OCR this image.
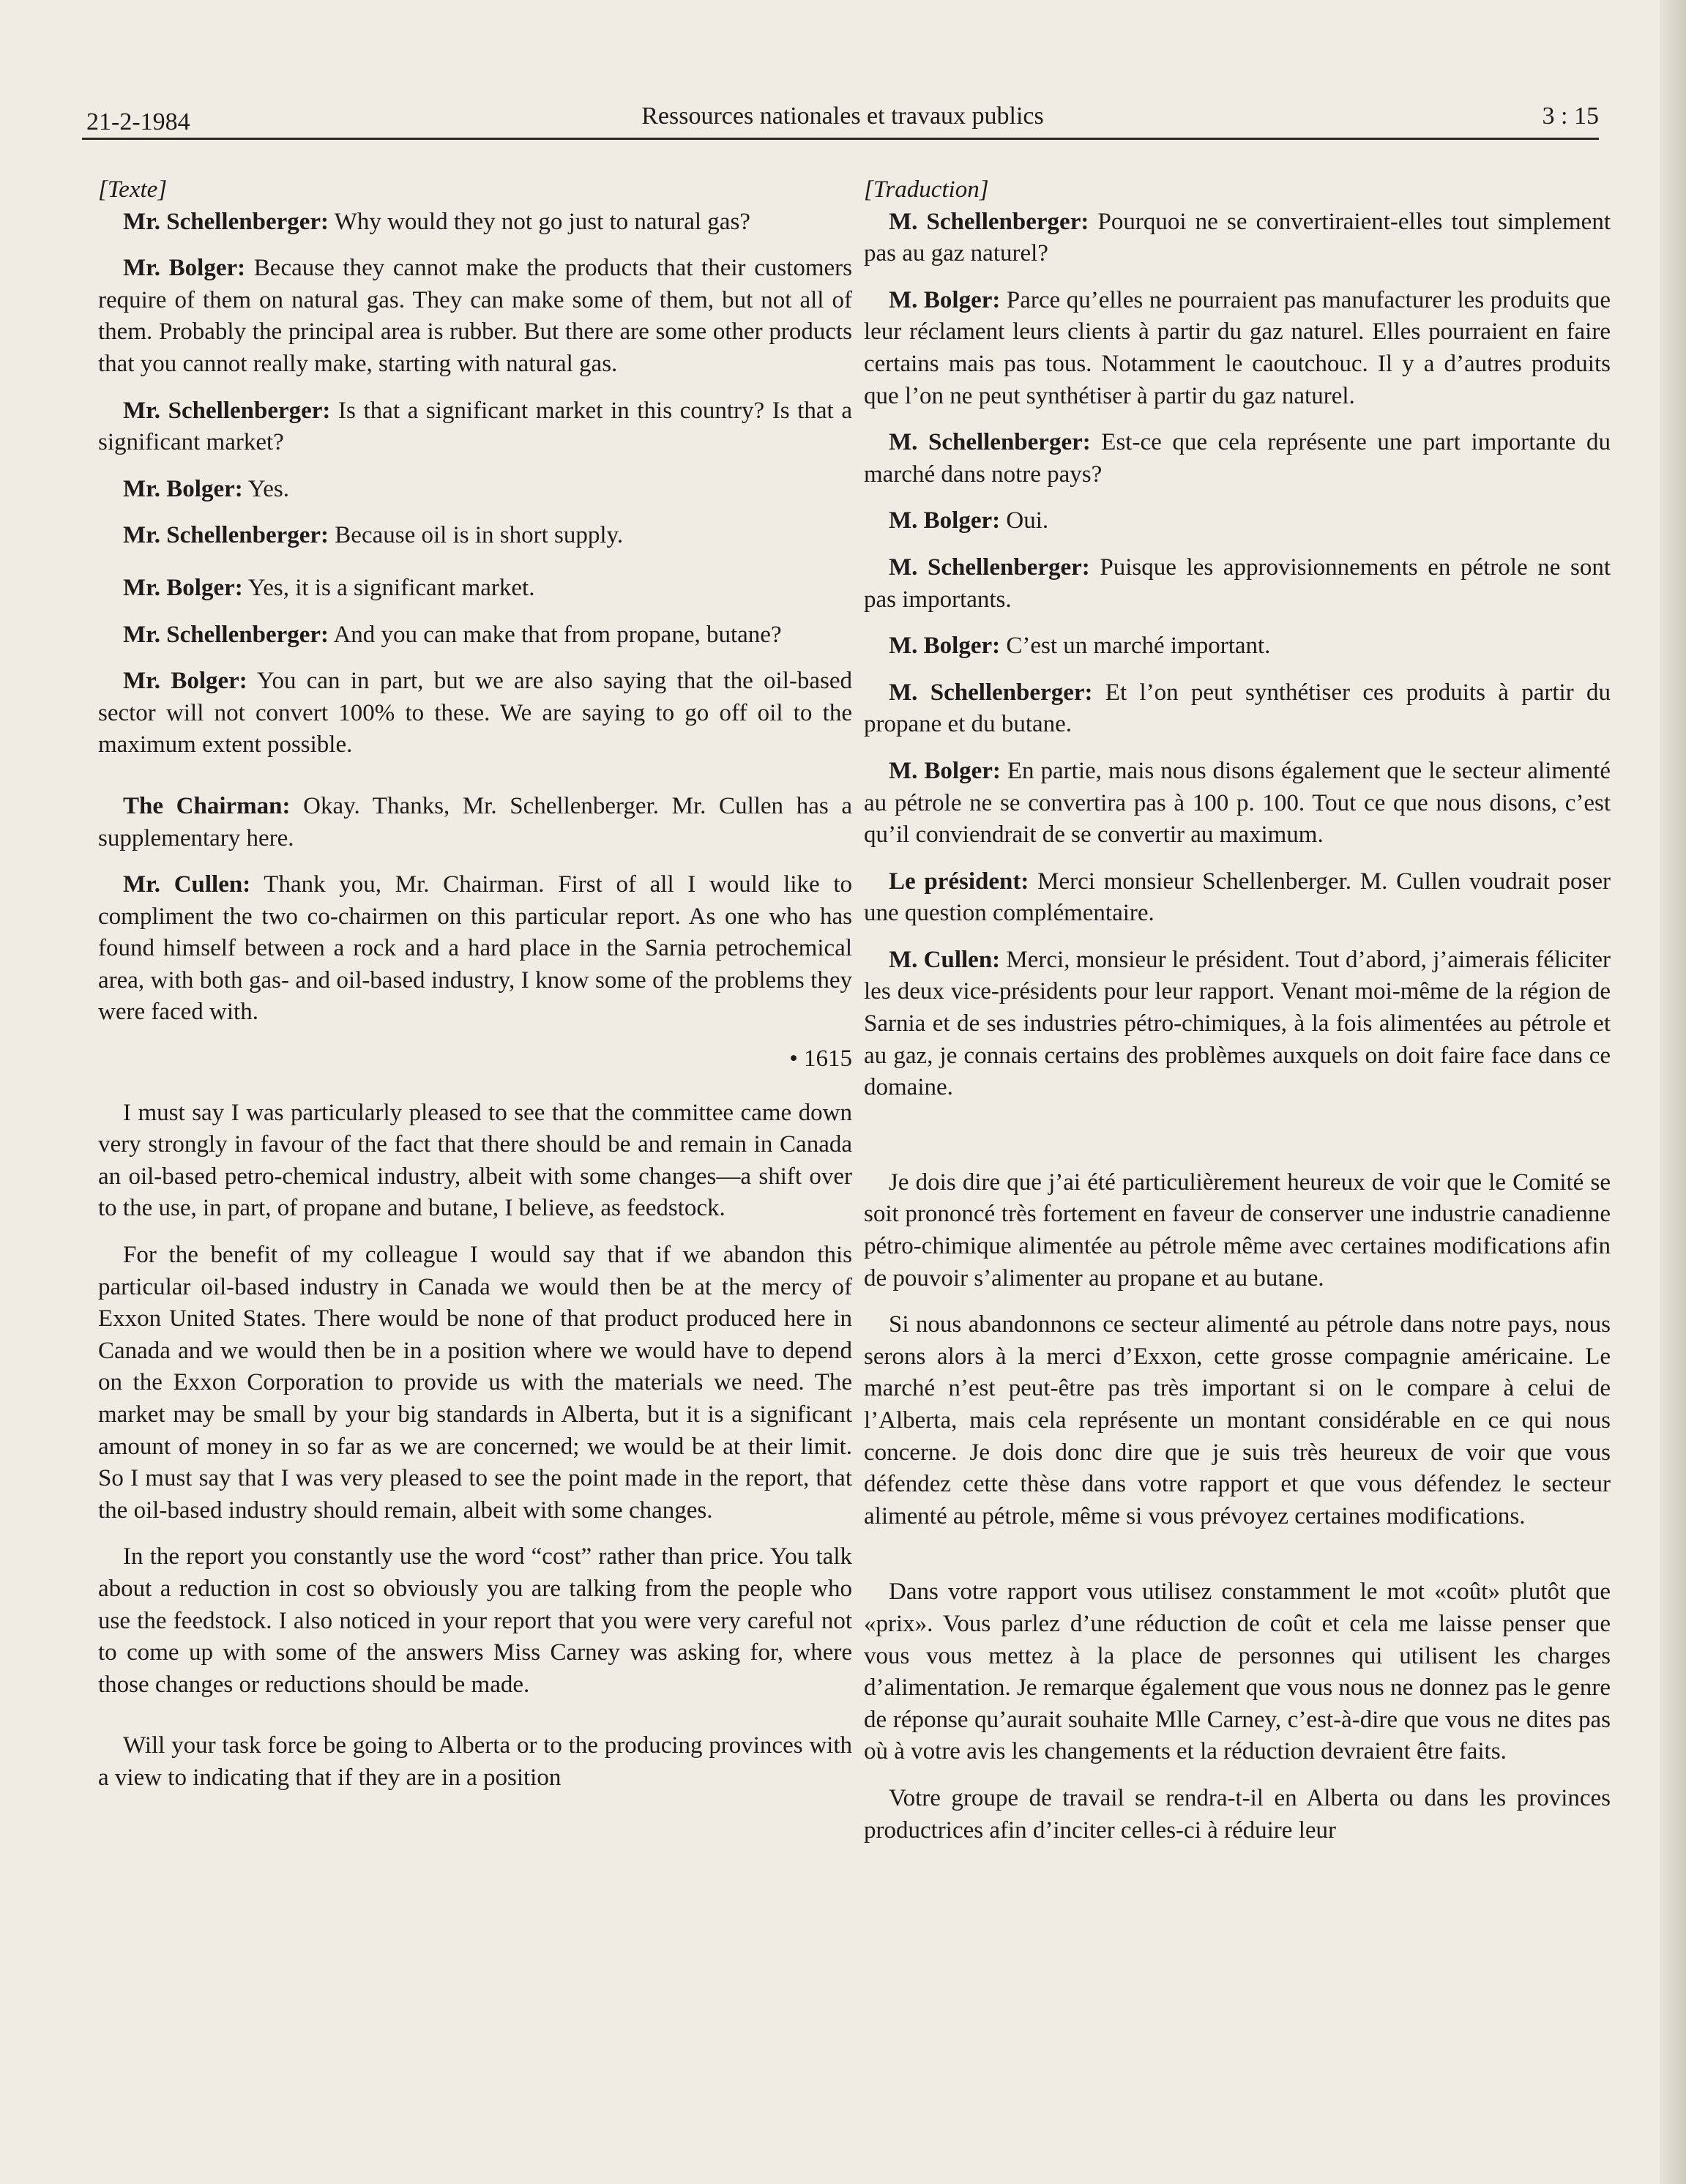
Ressources nationales et travaux publics
21-2-1984	3 : 15

[Texte]

Mr. Schellenberger: Why would they not go just to natural gas?

Mr. Bolger: Because they cannot make the products that their customers require of them on natural gas. They can make some of them, but not all of them. Probably the principal area is rubber. But there are some other products that you cannot really make, starting with natural gas.

Mr. Schellenberger: Is that a significant market in this country? Is that a significant market?

Mr. Bolger: Yes.

Mr. Schellenberger: Because oil is in short supply.

Mr. Bolger: Yes, it is a significant market.

Mr. Schellenberger: And you can make that from propane, butane?

Mr. Bolger: You can in part, but we are also saying that the oil-based sector will not convert 100% to these. We are saying to go off oil to the maximum extent possible.

The Chairman: Okay. Thanks, Mr. Schellenberger. Mr. Cullen has a supplementary here.

Mr. Cullen: Thank you, Mr. Chairman. First of all I would like to compliment the two co-chairmen on this particular report. As one who has found himself between a rock and a hard place in the Sarnia petrochemical area, with both gas- and oil-based industry, I know some of the problems they were faced with.

• 1615

I must say I was particularly pleased to see that the committee came down very strongly in favour of the fact that there should be and remain in Canada an oil-based petro-chemical industry, albeit with some changes—a shift over to the use, in part, of propane and butane, I believe, as feedstock.

For the benefit of my colleague I would say that if we abandon this particular oil-based industry in Canada we would then be at the mercy of Exxon United States. There would be none of that product produced here in Canada and we would then be in a position where we would have to depend on the Exxon Corporation to provide us with the materials we need. The market may be small by your big standards in Alberta, but it is a significant amount of money in so far as we are concerned; we would be at their limit. So I must say that I was very pleased to see the point made in the report, that the oil-based industry should remain, albeit with some changes.

In the report you constantly use the word “cost” rather than price. You talk about a reduction in cost so obviously you are talking from the people who use the feedstock. I also noticed in your report that you were very careful not to come up with some of the answers Miss Carney was asking for, where those changes or reductions should be made.

Will your task force be going to Alberta or to the producing provinces with a view to indicating that if they are in a position

[Traduction]

M. Schellenberger: Pourquoi ne se convertiraient-elles tout simplement pas au gaz naturel?

M. Bolger: Parce qu’elles ne pourraient pas manufacturer les produits que leur réclament leurs clients à partir du gaz naturel. Elles pourraient en faire certains mais pas tous. Notamment le caoutchouc. Il y a d’autres produits que l’on ne peut synthétiser à partir du gaz naturel.

M. Schellenberger: Est-ce que cela représente une part importante du marché dans notre pays?

M. Bolger: Oui.

M. Schellenberger: Puisque les approvisionnements en pétrole ne sont pas importants.

M. Bolger: C’est un marché important.

M. Schellenberger: Et l’on peut synthétiser ces produits à partir du propane et du butane.

M. Bolger: En partie, mais nous disons également que le secteur alimenté au pétrole ne se convertira pas à 100 p. 100. Tout ce que nous disons, c’est qu’il conviendrait de se convertir au maximum.

Le président: Merci monsieur Schellenberger. M. Cullen voudrait poser une question complémentaire.

M. Cullen: Merci, monsieur le président. Tout d’abord, j’aimerais féliciter les deux vice-présidents pour leur rapport. Venant moi-même de la région de Sarnia et de ses industries pétro-chimiques, à la fois alimentées au pétrole et au gaz, je connais certains des problèmes auxquels on doit faire face dans ce domaine.

Je dois dire que j’ai été particulièrement heureux de voir que le Comité se soit prononcé très fortement en faveur de conserver une industrie canadienne pétro-chimique alimentée au pétrole même avec certaines modifications afin de pouvoir s’alimenter au propane et au butane.

Si nous abandonnons ce secteur alimenté au pétrole dans notre pays, nous serons alors à la merci d’Exxon, cette grosse compagnie américaine. Le marché n’est peut-être pas très important si on le compare à celui de l’Alberta, mais cela représente un montant considérable en ce qui nous concerne. Je dois donc dire que je suis très heureux de voir que vous défendez cette thèse dans votre rapport et que vous défendez le secteur alimenté au pétrole, même si vous prévoyez certaines modifications.

Dans votre rapport vous utilisez constamment le mot «coût» plutôt que «prix». Vous parlez d’une réduction de coût et cela me laisse penser que vous vous mettez à la place de personnes qui utilisent les charges d’alimentation. Je remarque également que vous nous ne donnez pas le genre de réponse qu’aurait souhaite Mlle Carney, c’est-à-dire que vous ne dites pas où à votre avis les changements et la réduction devraient être faits.

Votre groupe de travail se rendra-t-il en Alberta ou dans les provinces productrices afin d’inciter celles-ci à réduire leur
